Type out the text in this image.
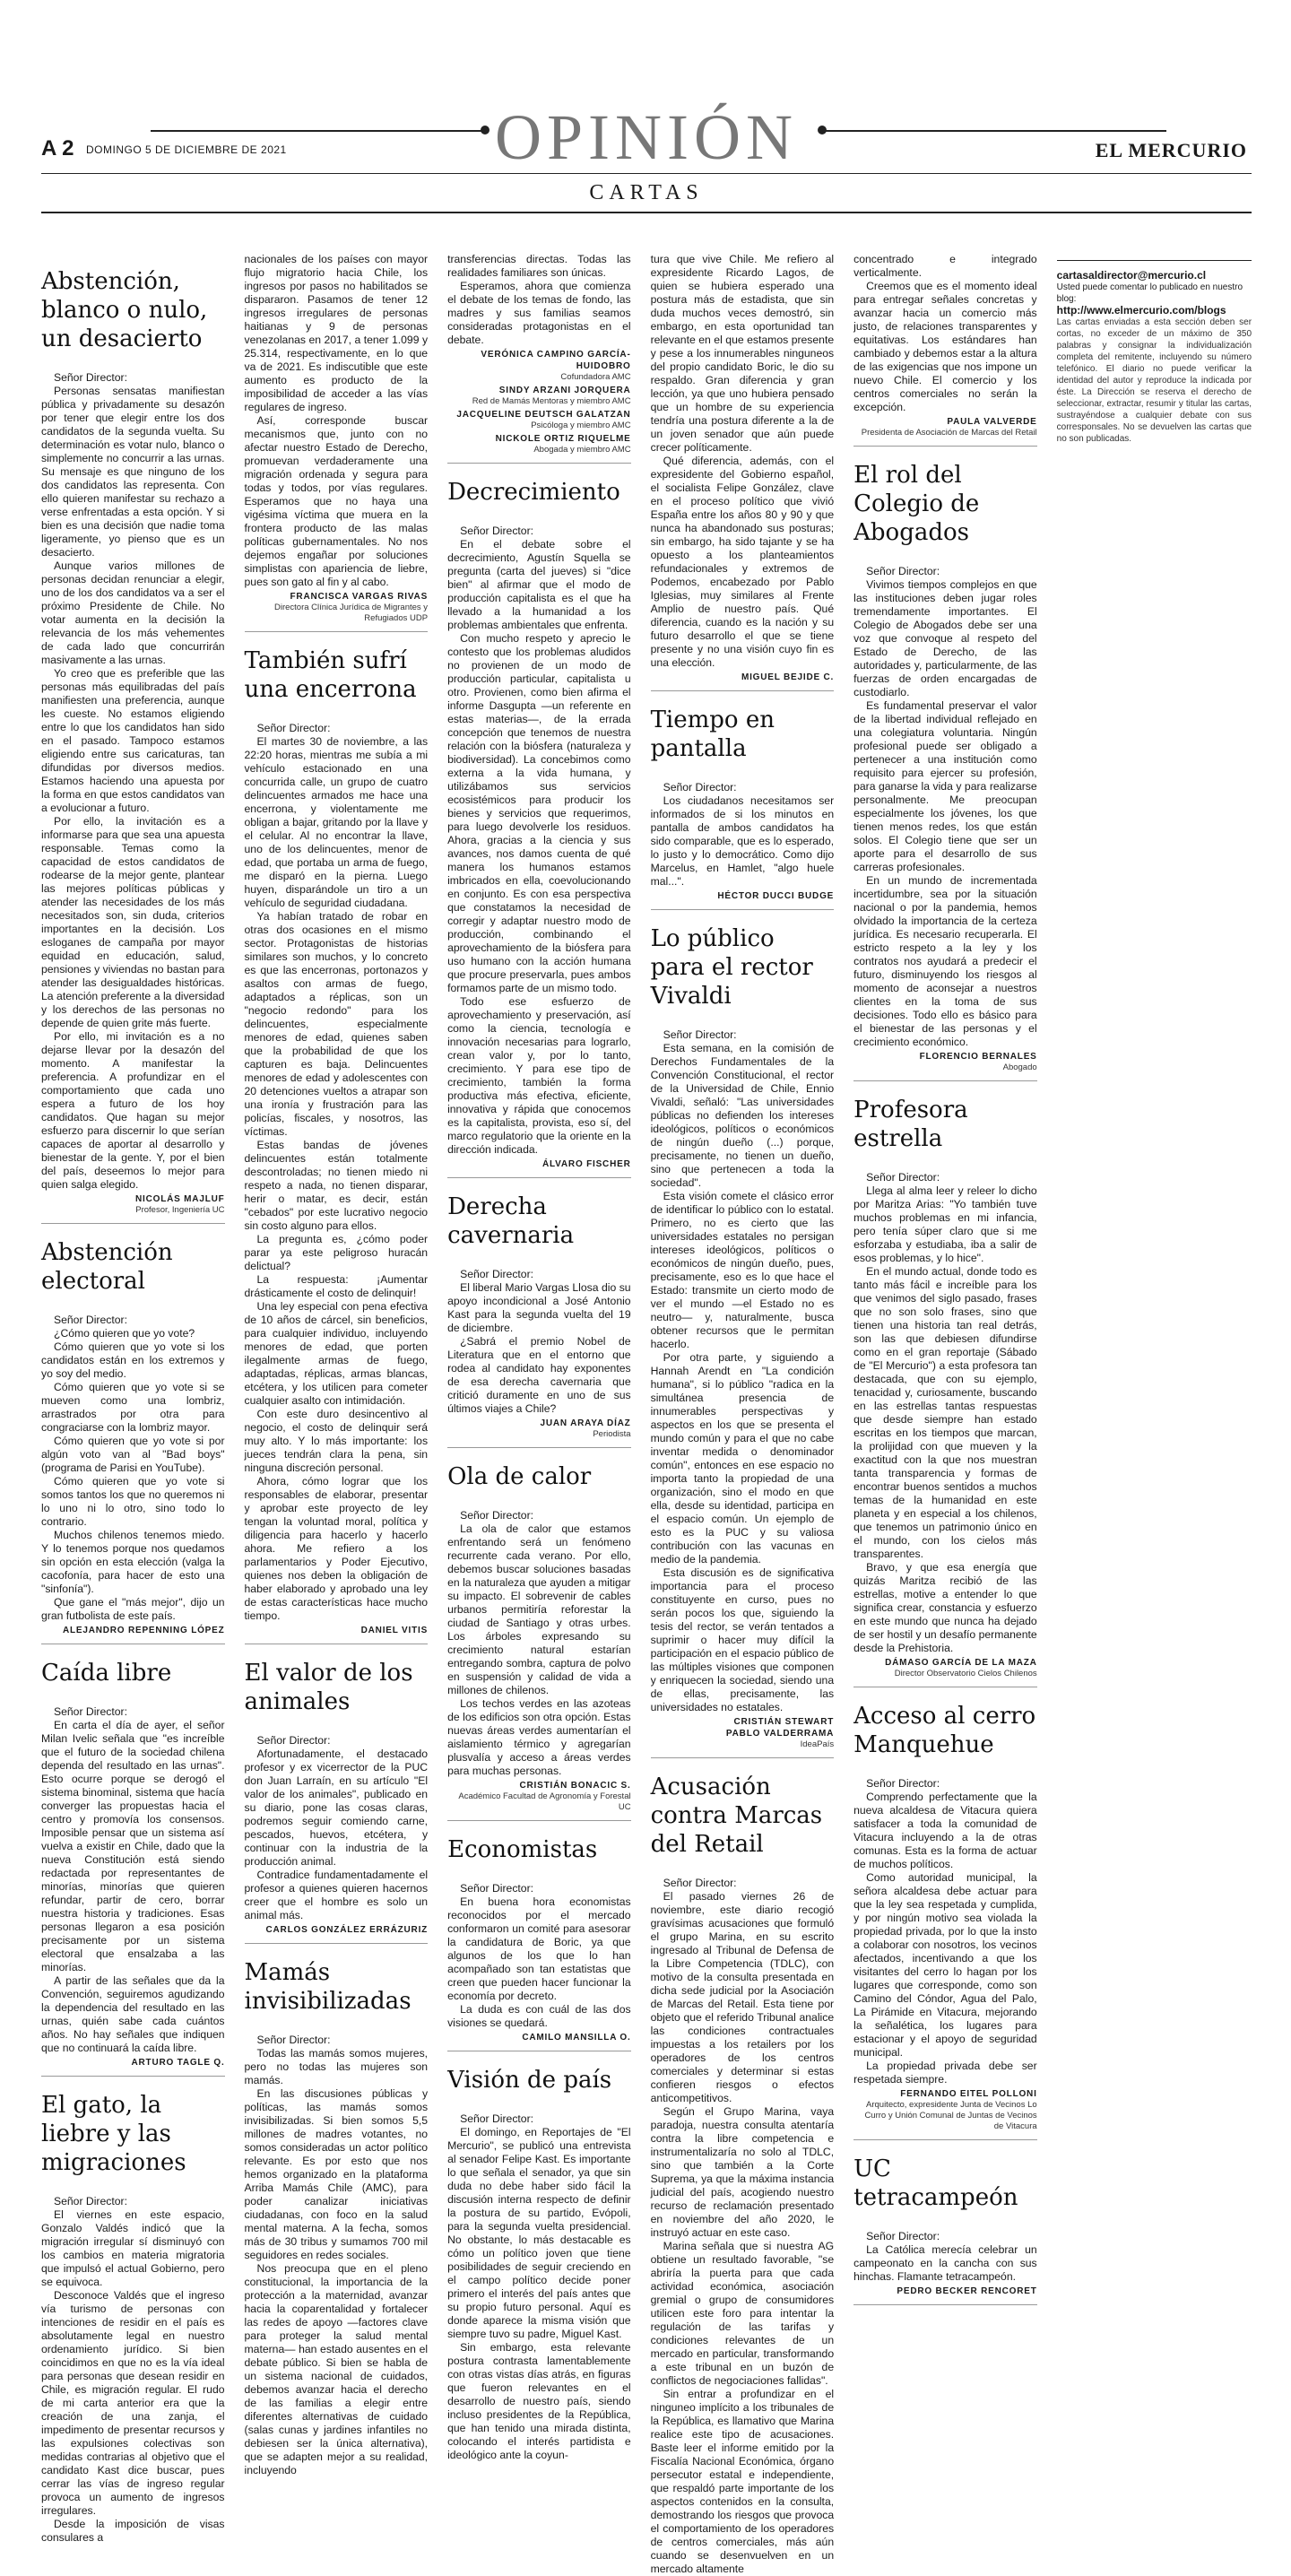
OPINIÓN
A 2 DOMINGO 5 DE DICIEMBRE DE 2021	EL MERCURIO
CARTAS
Abstención, blanco o nulo, un desacierto
Señor Director:

Personas sensatas manifiestan pública y privadamente su desazón por tener que elegir entre los dos candidatos de la segunda vuelta. Su determinación es votar nulo, blanco o simplemente no concurrir a las urnas. Su mensaje es que ninguno de los dos candidatos las representa. Con ello quieren manifestar su rechazo a verse enfrentadas a esta opción. Y si bien es una decisión que nadie toma ligeramente, yo pienso que es un desacierto.

Aunque varios millones de personas decidan renunciar a elegir, uno de los dos candidatos va a ser el próximo Presidente de Chile. No votar aumenta en la decisión la relevancia de los más vehementes de cada lado que concurrirán masivamente a las urnas.

Yo creo que es preferible que las personas más equilibradas del país manifiesten una preferencia, aunque les cueste. No estamos eligiendo entre lo que los candidatos han sido en el pasado. Tampoco estamos eligiendo entre sus caricaturas, tan difundidas por diversos medios. Estamos haciendo una apuesta por la forma en que estos candidatos van a evolucionar a futuro.

Por ello, la invitación es a informarse para que sea una apuesta responsable. Temas como la capacidad de estos candidatos de rodearse de la mejor gente, plantear las mejores políticas públicas y atender las necesidades de los más necesitados son, sin duda, criterios importantes en la decisión. Los esloganes de campaña por mayor equidad en educación, salud, pensiones y viviendas no bastan para atender las desigualdades históricas. La atención preferente a la diversidad y los derechos de las personas no depende de quien grite más fuerte.

Por ello, mi invitación es a no dejarse llevar por la desazón del momento. A manifestar la preferencia. A profundizar en el comportamiento que cada uno espera a futuro de los hoy candidatos. Que hagan su mejor esfuerzo para discernir lo que serían capaces de aportar al desarrollo y bienestar de la gente. Y, por el bien del país, deseemos lo mejor para quien salga elegido.

NICOLÁS MAJLUF
Profesor, Ingeniería UC
Abstención electoral
Señor Director:

¿Cómo quieren que yo vote?

Cómo quieren que yo vote si los candidatos están en los extremos y yo soy del medio.

Cómo quieren que yo vote si se mueven como una lombriz, arrastrados por otra para congraciarse con la lombriz mayor.

Cómo quieren que yo vote si por algún voto van al "Bad boys" (programa de Parisi en YouTube).

Cómo quieren que yo vote si somos tantos los que no queremos ni lo uno ni lo otro, sino todo lo contrario.

Muchos chilenos tenemos miedo. Y lo tenemos porque nos quedamos sin opción en esta elección (valga la cacofonía, para hacer de esto una "sinfonía").

Que gane el "más mejor", dijo un gran futbolista de este país.

ALEJANDRO REPENNING LÓPEZ
Caída libre
Señor Director:

En carta el día de ayer, el señor Milan Ivelic señala que "es increíble que el futuro de la sociedad chilena dependa del resultado en las urnas". Esto ocurre porque se derogó el sistema binominal, sistema que hacía converger las propuestas hacia el centro y promovía los consensos. Imposible pensar que un sistema así vuelva a existir en Chile, dado que la nueva Constitución está siendo redactada por representantes de minorías, minorías que quieren refundar, partir de cero, borrar nuestra historia y tradiciones. Esas personas llegaron a esa posición precisamente por un sistema electoral que ensalzaba a las minorías.

A partir de las señales que da la Convención, seguiremos agudizando la dependencia del resultado en las urnas, quién sabe cada cuántos años. No hay señales que indiquen que no continuará la caída libre.

ARTURO TAGLE Q.
El gato, la liebre y las migraciones
Señor Director:

El viernes en este espacio, Gonzalo Valdés indicó que la migración irregular sí disminuyó con los cambios en materia migratoria que impulsó el actual Gobierno, pero se equivoca.

Desconoce Valdés que el ingreso vía turismo de personas con intenciones de residir en el país es absolutamente legal en nuestro ordenamiento jurídico. Si bien coincidimos en que no es la vía ideal para personas que desean residir en Chile, es migración regular. El rudo de mi carta anterior era que la creación de una zanja, el impedimento de presentar recursos y las expulsiones colectivas son medidas contrarias al objetivo que el candidato Kast dice buscar, pues cerrar las vías de ingreso regular provoca un aumento de ingresos irregulares.

Desde la imposición de visas consulares a

nacionales de los países con mayor flujo migratorio hacia Chile, los ingresos por pasos no habilitados se dispararon. Pasamos de tener 12 ingresos irregulares de personas haitianas y 9 de personas venezolanas en 2017, a tener 1.099 y 25.314, respectivamente, en lo que va de 2021. Es indiscutible que este aumento es producto de la imposibilidad de acceder a las vías regulares de ingreso.

Así, corresponde buscar mecanismos que, junto con no afectar nuestro Estado de Derecho, promuevan verdaderamente una migración ordenada y segura para todas y todos, por vías regulares. Esperamos que no haya una vigésima víctima que muera en la frontera producto de las malas políticas gubernamentales. No nos dejemos engañar por soluciones simplistas con apariencia de liebre, pues son gato al fin y al cabo.

FRANCISCA VARGAS RIVAS
Directora Clínica Jurídica de Migrantes y Refugiados UDP
También sufrí una encerrona
Señor Director:

El martes 30 de noviembre, a las 22:20 horas, mientras me subía a mi vehículo estacionado en una concurrida calle, un grupo de cuatro delincuentes armados me hace una encerrona, y violentamente me obligan a bajar, gritando por la llave y el celular. Al no encontrar la llave, uno de los delincuentes, menor de edad, que portaba un arma de fuego, me disparó en la pierna. Luego huyen, disparándole un tiro a un vehículo de seguridad ciudadana.

Ya habían tratado de robar en otras dos ocasiones en el mismo sector. Protagonistas de historias similares son muchos, y lo concreto es que las encerronas, portonazos y asaltos con armas de fuego, adaptados a réplicas, son un "negocio redondo" para los delincuentes, especialmente menores de edad, quienes saben que la probabilidad de que los capturen es baja. Delincuentes menores de edad y adolescentes con 20 detenciones vueltos a atrapar son una ironía y frustración para las policías, fiscales, y nosotros, las víctimas.

Estas bandas de jóvenes delincuentes están totalmente descontroladas; no tienen miedo ni respeto a nada, no tienen disparar, herir o matar, es decir, están "cebados" por este lucrativo negocio sin costo alguno para ellos.

La pregunta es, ¿cómo poder parar ya este peligroso huracán delictual?

La respuesta: ¡Aumentar drásticamente el costo de delinquir!

Una ley especial con pena efectiva de 10 años de cárcel, sin beneficios, para cualquier individuo, incluyendo menores de edad, que porten ilegalmente armas de fuego, adaptadas, réplicas, armas blancas, etcétera, y los utilicen para cometer cualquier asalto con intimidación.

Con este duro desincentivo al negocio, el costo de delinquir será muy alto. Y lo más importante: los jueces tendrán clara la pena, sin ninguna discreción personal.

Ahora, cómo lograr que los responsables de elaborar, presentar y aprobar este proyecto de ley tengan la voluntad moral, política y diligencia para hacerlo y hacerlo ahora. Me refiero a los parlamentarios y Poder Ejecutivo, quienes nos deben la obligación de haber elaborado y aprobado una ley de estas características hace mucho tiempo.

DANIEL VITIS
El valor de los animales
Señor Director:

Afortunadamente, el destacado profesor y ex vicerrector de la PUC don Juan Larraín, en su artículo "El valor de los animales", publicado en su diario, pone las cosas claras, podremos seguir comiendo carne, pescados, huevos, etcétera, y continuar con la industria de la producción animal.

Contradice fundamentadamente el profesor a quienes quieren hacernos creer que el hombre es solo un animal más.

CARLOS GONZÁLEZ ERRÁZURIZ
Mamás invisibilizadas
Señor Director:

Todas las mamás somos mujeres, pero no todas las mujeres son mamás.

En las discusiones públicas y políticas, las mamás somos invisibilizadas. Si bien somos 5,5 millones de madres votantes, no somos consideradas un actor político relevante. Es por esto que nos hemos organizado en la plataforma Arriba Mamás Chile (AMC), para poder canalizar iniciativas ciudadanas, con foco en la salud mental materna. A la fecha, somos más de 30 tribus y sumamos 700 mil seguidores en redes sociales.

Nos preocupa que en el pleno constitucional, la importancia de la protección a la maternidad, avanzar hacia la coparentalidad y fortalecer las redes de apoyo —factores clave para proteger la salud mental materna— han estado ausentes en el debate público. Si bien se habla de un sistema nacional de cuidados, debemos avanzar hacia el derecho de las familias a elegir entre diferentes alternativas de cuidado (salas cunas y jardines infantiles no debiesen ser la única alternativa), que se adapten mejor a su realidad, incluyendo

transferencias directas. Todas las realidades familiares son únicas.

Esperamos, ahora que comienza el debate de los temas de fondo, las madres y sus familias seamos consideradas protagonistas en el debate.

VERÓNICA CAMPINO GARCÍA-HUIDOBRO
Cofundadora AMC
SINDY ARZANI JORQUERA
Red de Mamás Mentoras y miembro AMC
JACQUELINE DEUTSCH GALATZAN
Psicóloga y miembro AMC
NICKOLE ORTIZ RIQUELME
Abogada y miembro AMC
Decrecimiento
Señor Director:

En el debate sobre el decrecimiento, Agustín Squella se pregunta (carta del jueves) si "dice bien" al afirmar que el modo de producción capitalista es el que ha llevado a la humanidad a los problemas ambientales que enfrenta.

Con mucho respeto y aprecio le contesto que los problemas aludidos no provienen de un modo de producción particular, capitalista u otro. Provienen, como bien afirma el informe Dasgupta —un referente en estas materias—, de la errada concepción que tenemos de nuestra relación con la biósfera (naturaleza y biodiversidad). La concebimos como externa a la vida humana, y utilizábamos sus servicios ecosistémicos para producir los bienes y servicios que requerimos, para luego devolverle los residuos. Ahora, gracias a la ciencia y sus avances, nos damos cuenta de qué manera los humanos estamos imbricados en ella, coevolucionando en conjunto. Es con esa perspectiva que constatamos la necesidad de corregir y adaptar nuestro modo de producción, combinando el aprovechamiento de la biósfera para uso humano con la acción humana que procure preservarla, pues ambos formamos parte de un mismo todo.

Todo ese esfuerzo de aprovechamiento y preservación, así como la ciencia, tecnología e innovación necesarias para lograrlo, crean valor y, por lo tanto, crecimiento. Y para ese tipo de crecimiento, también la forma productiva más efectiva, eficiente, innovativa y rápida que conocemos es la capitalista, provista, eso sí, del marco regulatorio que la oriente en la dirección indicada.

ÁLVARO FISCHER
Derecha cavernaria
Señor Director:

El liberal Mario Vargas Llosa dio su apoyo incondicional a José Antonio Kast para la segunda vuelta del 19 de diciembre.

¿Sabrá el premio Nobel de Literatura que en el entorno que rodea al candidato hay exponentes de esa derecha cavernaria que critició duramente en uno de sus últimos viajes a Chile?

JUAN ARAYA DÍAZ
Periodista
Ola de calor
Señor Director:

La ola de calor que estamos enfrentando será un fenómeno recurrente cada verano. Por ello, debemos buscar soluciones basadas en la naturaleza que ayuden a mitigar su impacto. El sobrevenir de cables urbanos permitiría reforestar la ciudad de Santiago y otras urbes. Los árboles expresando su crecimiento natural estarían entregando sombra, captura de polvo en suspensión y calidad de vida a millones de chilenos.

Los techos verdes en las azoteas de los edificios son otra opción. Estas nuevas áreas verdes aumentarían el aislamiento térmico y agregarían plusvalía y acceso a áreas verdes para muchas personas.

CRISTIÁN BONACIC S.
Académico Facultad de Agronomía y Forestal UC
Economistas
Señor Director:

En buena hora economistas reconocidos por el mercado conformaron un comité para asesorar la candidatura de Boric, ya que algunos de los que lo han acompañado son tan estatistas que creen que pueden hacer funcionar la economía por decreto.

La duda es con cuál de las dos visiones se quedará.

CAMILO MANSILLA O.
Visión de país
Señor Director:

El domingo, en Reportajes de "El Mercurio", se publicó una entrevista al senador Felipe Kast. Es importante lo que señala el senador, ya que sin duda no debe haber sido fácil la discusión interna respecto de definir la postura de su partido, Evópoli, para la segunda vuelta presidencial. No obstante, lo más destacable es cómo un político joven que tiene posibilidades de seguir creciendo en el campo político decide poner primero el interés del país antes que su propio futuro personal. Aquí es donde aparece la misma visión que siempre tuvo su padre, Miguel Kast.

Sin embargo, esta relevante postura contrasta lamentablemente con otras vistas días atrás, en figuras que fueron relevantes en el desarrollo de nuestro país, siendo incluso presidentes de la República, que han tenido una mirada distinta, colocando el interés partidista e ideológico ante la coyun-

tura que vive Chile. Me refiero al expresidente Ricardo Lagos, de quien se hubiera esperado una postura más de estadista, que sin duda muchos veces demostró, sin embargo, en esta oportunidad tan relevante en el que estamos presente y pese a los innumerables ninguneos del propio candidato Boric, le dio su respaldo. Gran diferencia y gran lección, ya que uno hubiera pensado que un hombre de su experiencia tendría una postura diferente a la de un joven senador que aún puede crecer políticamente.

Qué diferencia, además, con el expresidente del Gobierno español, el socialista Felipe González, clave en el proceso político que vivió España entre los años 80 y 90 y que nunca ha abandonado sus posturas; sin embargo, ha sido tajante y se ha opuesto a los planteamientos refundacionales y extremos de Podemos, encabezado por Pablo Iglesias, muy similares al Frente Amplio de nuestro país. Qué diferencia, cuando es la nación y su futuro desarrollo el que se tiene presente y no una visión cuyo fin es una elección.

MIGUEL BEJIDE C.
Tiempo en pantalla
Señor Director:

Los ciudadanos necesitamos ser informados de si los minutos en pantalla de ambos candidatos ha sido comparable, que es lo esperado, lo justo y lo democrático. Como dijo Marcelus, en Hamlet, "algo huele mal...".

HÉCTOR DUCCI BUDGE
Lo público para el rector Vivaldi
Señor Director:

Esta semana, en la comisión de Derechos Fundamentales de la Convención Constitucional, el rector de la Universidad de Chile, Ennio Vivaldi, señaló: "Las universidades públicas no defienden los intereses ideológicos, políticos o económicos de ningún dueño (...) porque, precisamente, no tienen un dueño, sino que pertenecen a toda la sociedad".

Esta visión comete el clásico error de identificar lo público con lo estatal. Primero, no es cierto que las universidades estatales no persigan intereses ideológicos, políticos o económicos de ningún dueño, pues, precisamente, eso es lo que hace el Estado: transmite un cierto modo de ver el mundo —el Estado no es neutro— y, naturalmente, busca obtener recursos que le permitan hacerlo.

Por otra parte, y siguiendo a Hannah Arendt en "La condición humana", si lo público "radica en la simultánea presencia de innumerables perspectivas y aspectos en los que se presenta el mundo común y para el que no cabe inventar medida o denominador común", entonces en ese espacio no importa tanto la propiedad de una organización, sino el modo en que ella, desde su identidad, participa en el espacio común. Un ejemplo de esto es la PUC y su valiosa contribución con las vacunas en medio de la pandemia.

Esta discusión es de significativa importancia para el proceso constituyente en curso, pues no serán pocos los que, siguiendo la tesis del rector, se verán tentados a suprimir o hacer muy difícil la participación en el espacio público de las múltiples visiones que componen y enriquecen la sociedad, siendo una de ellas, precisamente, las universidades no estatales.

CRISTIÁN STEWART
PABLO VALDERRAMA
IdeaPaís
Acusación contra Marcas del Retail
Señor Director:

El pasado viernes 26 de noviembre, este diario recogió gravísimas acusaciones que formuló el grupo Marina, en su escrito ingresado al Tribunal de Defensa de la Libre Competencia (TDLC), con motivo de la consulta presentada en dicha sede judicial por la Asociación de Marcas del Retail. Esta tiene por objeto que el referido Tribunal analice las condiciones contractuales impuestas a los retailers por los operadores de los centros comerciales y determinar si estas confieren riesgos o efectos anticompetitivos.

Según el Grupo Marina, vaya paradoja, nuestra consulta atentaría contra la libre competencia e instrumentalizaría no solo al TDLC, sino que también a la Corte Suprema, ya que la máxima instancia judicial del país, acogiendo nuestro recurso de reclamación presentado en noviembre del año 2020, le instruyó actuar en este caso.

Marina señala que si nuestra AG obtiene un resultado favorable, "se abriría la puerta para que cada actividad económica, asociación gremial o grupo de consumidores utilicen este foro para intentar la regulación de las tarifas y condiciones relevantes de un mercado en particular, transformando a este tribunal en un buzón de conflictos de negociaciones fallidas".

Sin entrar a profundizar en el ninguneo implícito a los tribunales de la República, es llamativo que Marina realice este tipo de acusaciones. Baste leer el informe emitido por la Fiscalía Nacional Económica, órgano persecutor estatal e independiente, que respaldó parte importante de los aspectos contenidos en la consulta, demostrando los riesgos que provoca el comportamiento de los operadores de centros comerciales, más aún cuando se desenvuelven en un mercado altamente

concentrado e integrado verticalmente.

Creemos que es el momento ideal para entregar señales concretas y avanzar hacia un comercio más justo, de relaciones transparentes y equitativas. Los estándares han cambiado y debemos estar a la altura de las exigencias que nos impone un nuevo Chile. El comercio y los centros comerciales no serán la excepción.

PAULA VALVERDE
Presidenta de Asociación de Marcas del Retail
El rol del Colegio de Abogados
Señor Director:

Vivimos tiempos complejos en que las instituciones deben jugar roles tremendamente importantes. El Colegio de Abogados debe ser una voz que convoque al respeto del Estado de Derecho, de las autoridades y, particularmente, de las fuerzas de orden encargadas de custodiarlo.

Es fundamental preservar el valor de la libertad individual reflejado en una colegiatura voluntaria. Ningún profesional puede ser obligado a pertenecer a una institución como requisito para ejercer su profesión, para ganarse la vida y para realizarse personalmente. Me preocupan especialmente los jóvenes, los que tienen menos redes, los que están solos. El Colegio tiene que ser un aporte para el desarrollo de sus carreras profesionales.

En un mundo de incrementada incertidumbre, sea por la situación nacional o por la pandemia, hemos olvidado la importancia de la certeza jurídica. Es necesario recuperarla. El estricto respeto a la ley y los contratos nos ayudará a predecir el futuro, disminuyendo los riesgos al momento de aconsejar a nuestros clientes en la toma de sus decisiones. Todo ello es básico para el bienestar de las personas y el crecimiento económico.

FLORENCIO BERNALES
Abogado
Profesora estrella
Señor Director:

Llega al alma leer y releer lo dicho por Maritza Arias: "Yo también tuve muchos problemas en mi infancia, pero tenía súper claro que si me esforzaba y estudiaba, iba a salir de esos problemas, y lo hice".

En el mundo actual, donde todo es tanto más fácil e increíble para los que venimos del siglo pasado, frases que no son solo frases, sino que tienen una historia tan real detrás, son las que debiesen difundirse como en el gran reportaje (Sábado de "El Mercurio") a esta profesora tan destacada, que con su ejemplo, tenacidad y, curiosamente, buscando en las estrellas tantas respuestas que desde siempre han estado escritas en los tiempos que marcan, la prolijidad con que mueven y la exactitud con la que nos muestran tanta transparencia y formas de encontrar buenos sentidos a muchos temas de la humanidad en este planeta y en especial a los chilenos, que tenemos un patrimonio único en el mundo, con los cielos más transparentes.

Bravo, y que esa energía que quizás Maritza recibió de las estrellas, motive a entender lo que significa crear, constancia y esfuerzo en este mundo que nunca ha dejado de ser hostil y un desafío permanente desde la Prehistoria.

DÁMASO GARCÍA DE LA MAZA
Director Observatorio Cielos Chilenos
Acceso al cerro Manquehue
Señor Director:

Comprendo perfectamente que la nueva alcaldesa de Vitacura quiera satisfacer a toda la comunidad de Vitacura incluyendo a la de otras comunas. Esta es la forma de actuar de muchos políticos.

Como autoridad municipal, la señora alcaldesa debe actuar para que la ley sea respetada y cumplida, y por ningún motivo sea violada la propiedad privada, por lo que la insto a colaborar con nosotros, los vecinos afectados, incentivando a que los visitantes del cerro lo hagan por los lugares que corresponde, como son Camino del Cóndor, Agua del Palo, La Pirámide en Vitacura, mejorando la señalética, los lugares para estacionar y el apoyo de seguridad municipal.

La propiedad privada debe ser respetada siempre.

FERNANDO EITEL POLLONI
Arquitecto, expresidente Junta de Vecinos Lo Curro y Unión Comunal de Juntas de Vecinos de Vitacura
UC tetracampeón
Señor Director:

La Católica merecía celebrar un campeonato en la cancha con sus hinchas. Flamante tetracampeón.

PEDRO BECKER RENCORET
cartasaldirector@mercurio.cl
Usted puede comentar lo publicado en nuestro blog:
http://www.elmercurio.com/blogs
Las cartas enviadas a esta sección deben ser cortas, no exceder de un máximo de 350 palabras y consignar la individualización completa del remitente, incluyendo su número telefónico. El diario no puede verificar la identidad del autor y reproduce la indicada por éste. La Dirección se reserva el derecho de seleccionar, extractar, resumir y titular las cartas, sustrayéndose a cualquier debate con sus corresponsales. No se devuelven las cartas que no son publicadas.
